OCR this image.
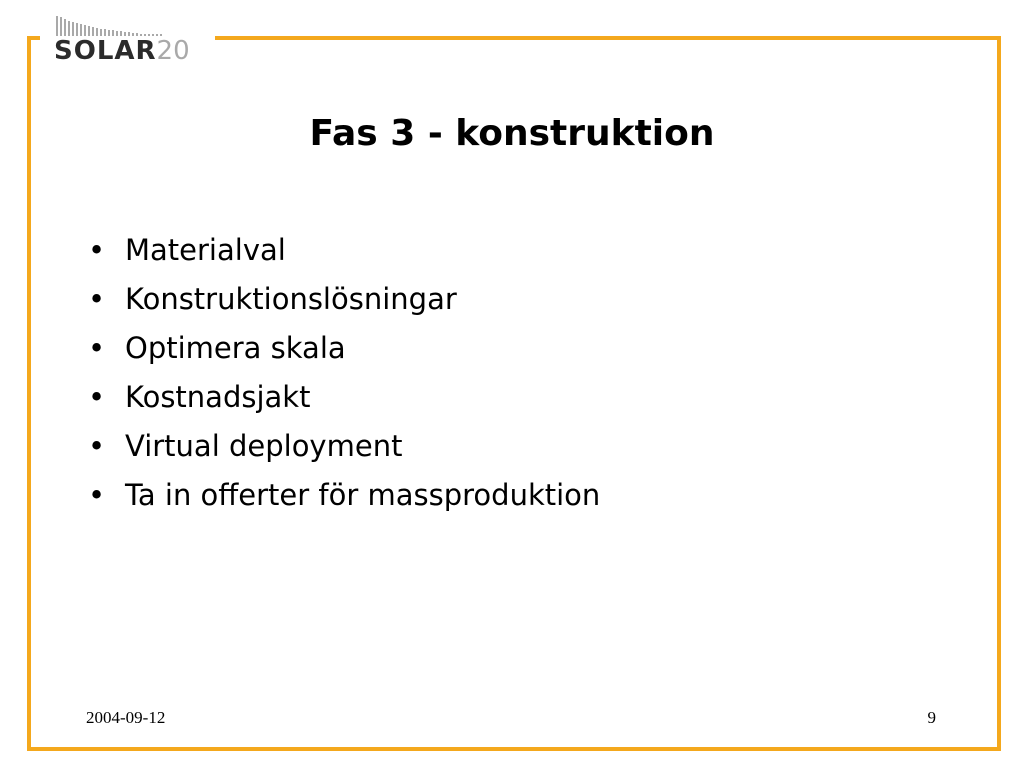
SOLAR20
Fas 3 - konstruktion
• Materialval
• Konstruktionslösningar
• Optimera skala
• Kostnadsjakt
• Virtual deployment
• Ta in offerter för massproduktion
2004-09-12	9
